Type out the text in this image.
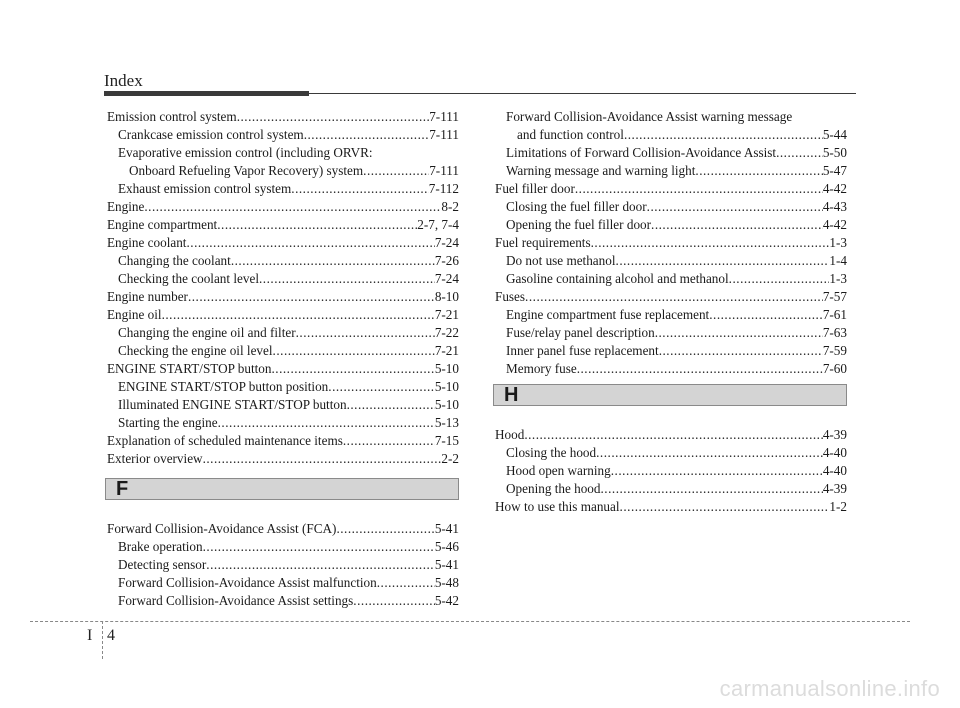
Index
Emission control system .....	7-111
Crankcase emission control system .....	7-111
Evaporative emission control (including ORVR:
Onboard Refueling Vapor Recovery) system .....	7-111
Exhaust emission control system .....	7-112
Engine .....	8-2
Engine compartment .....	2-7, 7-4
Engine coolant .....	7-24
Changing the coolant .....	7-26
Checking the coolant level .....	7-24
Engine number .....	8-10
Engine oil .....	7-21
Changing the engine oil and filter .....	7-22
Checking the engine oil level .....	7-21
ENGINE START/STOP button .....	5-10
ENGINE START/STOP button position .....	5-10
Illuminated ENGINE START/STOP button .....	5-10
Starting the engine .....	5-13
Explanation of scheduled maintenance items .....	7-15
Exterior overview .....	2-2
F
Forward Collision-Avoidance Assist (FCA) .....	5-41
Brake operation .....	5-46
Detecting sensor .....	5-41
Forward Collision-Avoidance Assist malfunction .....	5-48
Forward Collision-Avoidance Assist settings .....	5-42
Forward Collision-Avoidance Assist warning message
and function control .....	5-44
Limitations of Forward Collision-Avoidance Assist .....	5-50
Warning message and warning light .....	5-47
Fuel filler door .....	4-42
Closing the fuel filler door .....	4-43
Opening the fuel filler door .....	4-42
Fuel requirements .....	1-3
Do not use methanol .....	1-4
Gasoline containing alcohol and methanol .....	1-3
Fuses .....	7-57
Engine compartment fuse replacement .....	7-61
Fuse/relay panel description .....	7-63
Inner panel fuse replacement .....	7-59
Memory fuse .....	7-60
H
Hood .....	4-39
Closing the hood .....	4-40
Hood open warning .....	4-40
Opening the hood .....	4-39
How to use this manual .....	1-2
I 4
carmanualsonline.info
